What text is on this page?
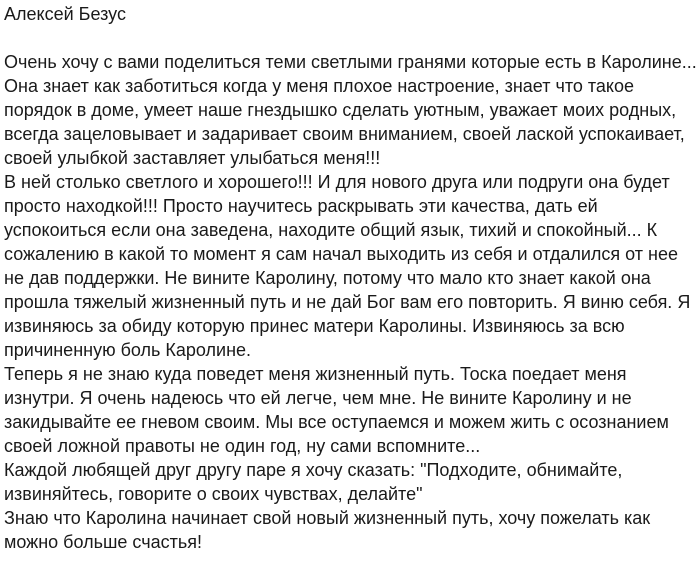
Алексей Безус
Очень хочу с вами поделиться теми светлыми гранями которые есть в Каролине...
Она знает как заботиться когда у меня плохое настроение, знает что такое
порядок в доме, умеет наше гнездышко сделать уютным, уважает моих родных,
всегда зацеловывает и задаривает своим вниманием, своей лаской успокаивает,
своей улыбкой заставляет улыбаться меня!!!
В ней столько светлого и хорошего!!! И для нового друга или подруги она будет
просто находкой!!! Просто научитесь раскрывать эти качества, дать ей
успокоиться если она заведена, находите общий язык, тихий и спокойный... К
сожалению в какой то момент я сам начал выходить из себя и отдалился от нее
не дав поддержки. Не вините Каролину, потому что мало кто знает какой она
прошла тяжелый жизненный путь и не дай Бог вам его повторить. Я виню себя. Я
извиняюсь за обиду которую принес матери Каролины. Извиняюсь за всю
причиненную боль Каролине.
Теперь я не знаю куда поведет меня жизненный путь. Тоска поедает меня
изнутри. Я очень надеюсь что ей легче, чем мне. Не вините Каролину и не
закидывайте ее гневом своим. Мы все оступаемся и можем жить с осознанием
своей ложной правоты не один год, ну сами вспомните...
Каждой любящей друг другу паре я хочу сказать: "Подходите, обнимайте,
извиняйтесь, говорите о своих чувствах, делайте"
Знаю что Каролина начинает свой новый жизненный путь, хочу пожелать как
можно больше счастья!
